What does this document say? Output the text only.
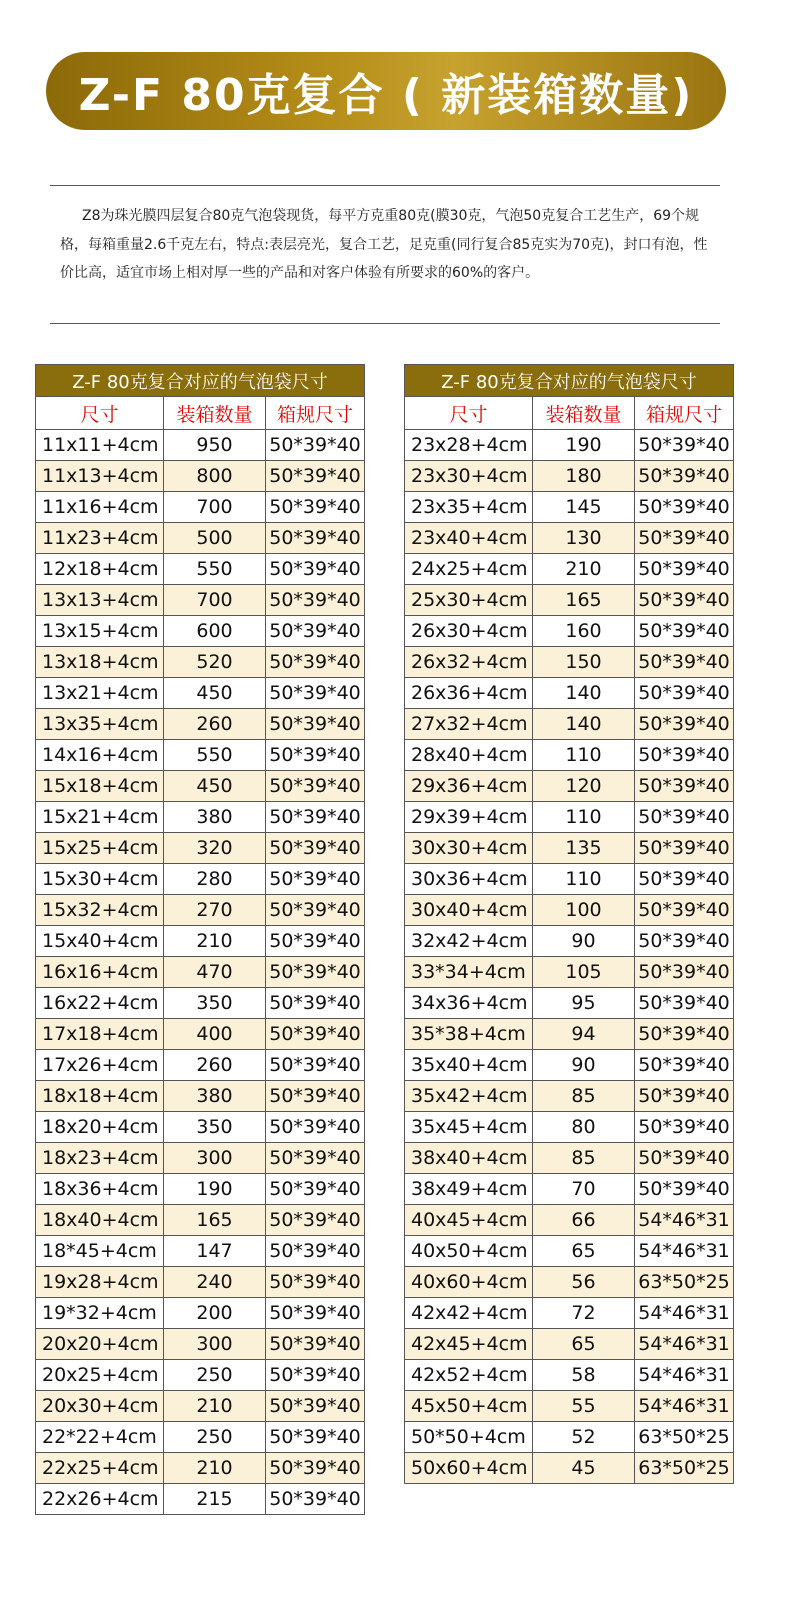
Z-F 80克复合 ( 新装箱数量)
Z8为珠光膜四层复合80克气泡袋现货，每平方克重80克(膜30克，气泡50克复合工艺生产，69个规格，每箱重量2.6千克左右，特点:表层亮光，复合工艺，足克重(同行复合85克实为70克)，封口有泡，性价比高，适宜市场上相对厚一些的产品和对客户体验有所要求的60%的客户。
Z-F 80克复合对应的气泡袋尺寸		
尺寸	装箱数量	箱规尺寸
11x11+4cm	950	50*39*40
11x13+4cm	800	50*39*40
11x16+4cm	700	50*39*40
11x23+4cm	500	50*39*40
12x18+4cm	550	50*39*40
13x13+4cm	700	50*39*40
13x15+4cm	600	50*39*40
13x18+4cm	520	50*39*40
13x21+4cm	450	50*39*40
13x35+4cm	260	50*39*40
14x16+4cm	550	50*39*40
15x18+4cm	450	50*39*40
15x21+4cm	380	50*39*40
15x25+4cm	320	50*39*40
15x30+4cm	280	50*39*40
15x32+4cm	270	50*39*40
15x40+4cm	210	50*39*40
16x16+4cm	470	50*39*40
16x22+4cm	350	50*39*40
17x18+4cm	400	50*39*40
17x26+4cm	260	50*39*40
18x18+4cm	380	50*39*40
18x20+4cm	350	50*39*40
18x23+4cm	300	50*39*40
18x36+4cm	190	50*39*40
18x40+4cm	165	50*39*40
18*45+4cm	147	50*39*40
19x28+4cm	240	50*39*40
19*32+4cm	200	50*39*40
20x20+4cm	300	50*39*40
20x25+4cm	250	50*39*40
20x30+4cm	210	50*39*40
22*22+4cm	250	50*39*40
22x25+4cm	210	50*39*40
22x26+4cm	215	50*39*40
Z-F 80克复合对应的气泡袋尺寸		
尺寸	装箱数量	箱规尺寸
23x28+4cm	190	50*39*40
23x30+4cm	180	50*39*40
23x35+4cm	145	50*39*40
23x40+4cm	130	50*39*40
24x25+4cm	210	50*39*40
25x30+4cm	165	50*39*40
26x30+4cm	160	50*39*40
26x32+4cm	150	50*39*40
26x36+4cm	140	50*39*40
27x32+4cm	140	50*39*40
28x40+4cm	110	50*39*40
29x36+4cm	120	50*39*40
29x39+4cm	110	50*39*40
30x30+4cm	135	50*39*40
30x36+4cm	110	50*39*40
30x40+4cm	100	50*39*40
32x42+4cm	90	50*39*40
33*34+4cm	105	50*39*40
34x36+4cm	95	50*39*40
35*38+4cm	94	50*39*40
35x40+4cm	90	50*39*40
35x42+4cm	85	50*39*40
35x45+4cm	80	50*39*40
38x40+4cm	85	50*39*40
38x49+4cm	70	50*39*40
40x45+4cm	66	54*46*31
40x50+4cm	65	54*46*31
40x60+4cm	56	63*50*25
42x42+4cm	72	54*46*31
42x45+4cm	65	54*46*31
42x52+4cm	58	54*46*31
45x50+4cm	55	54*46*31
50*50+4cm	52	63*50*25
50x60+4cm	45	63*50*25
